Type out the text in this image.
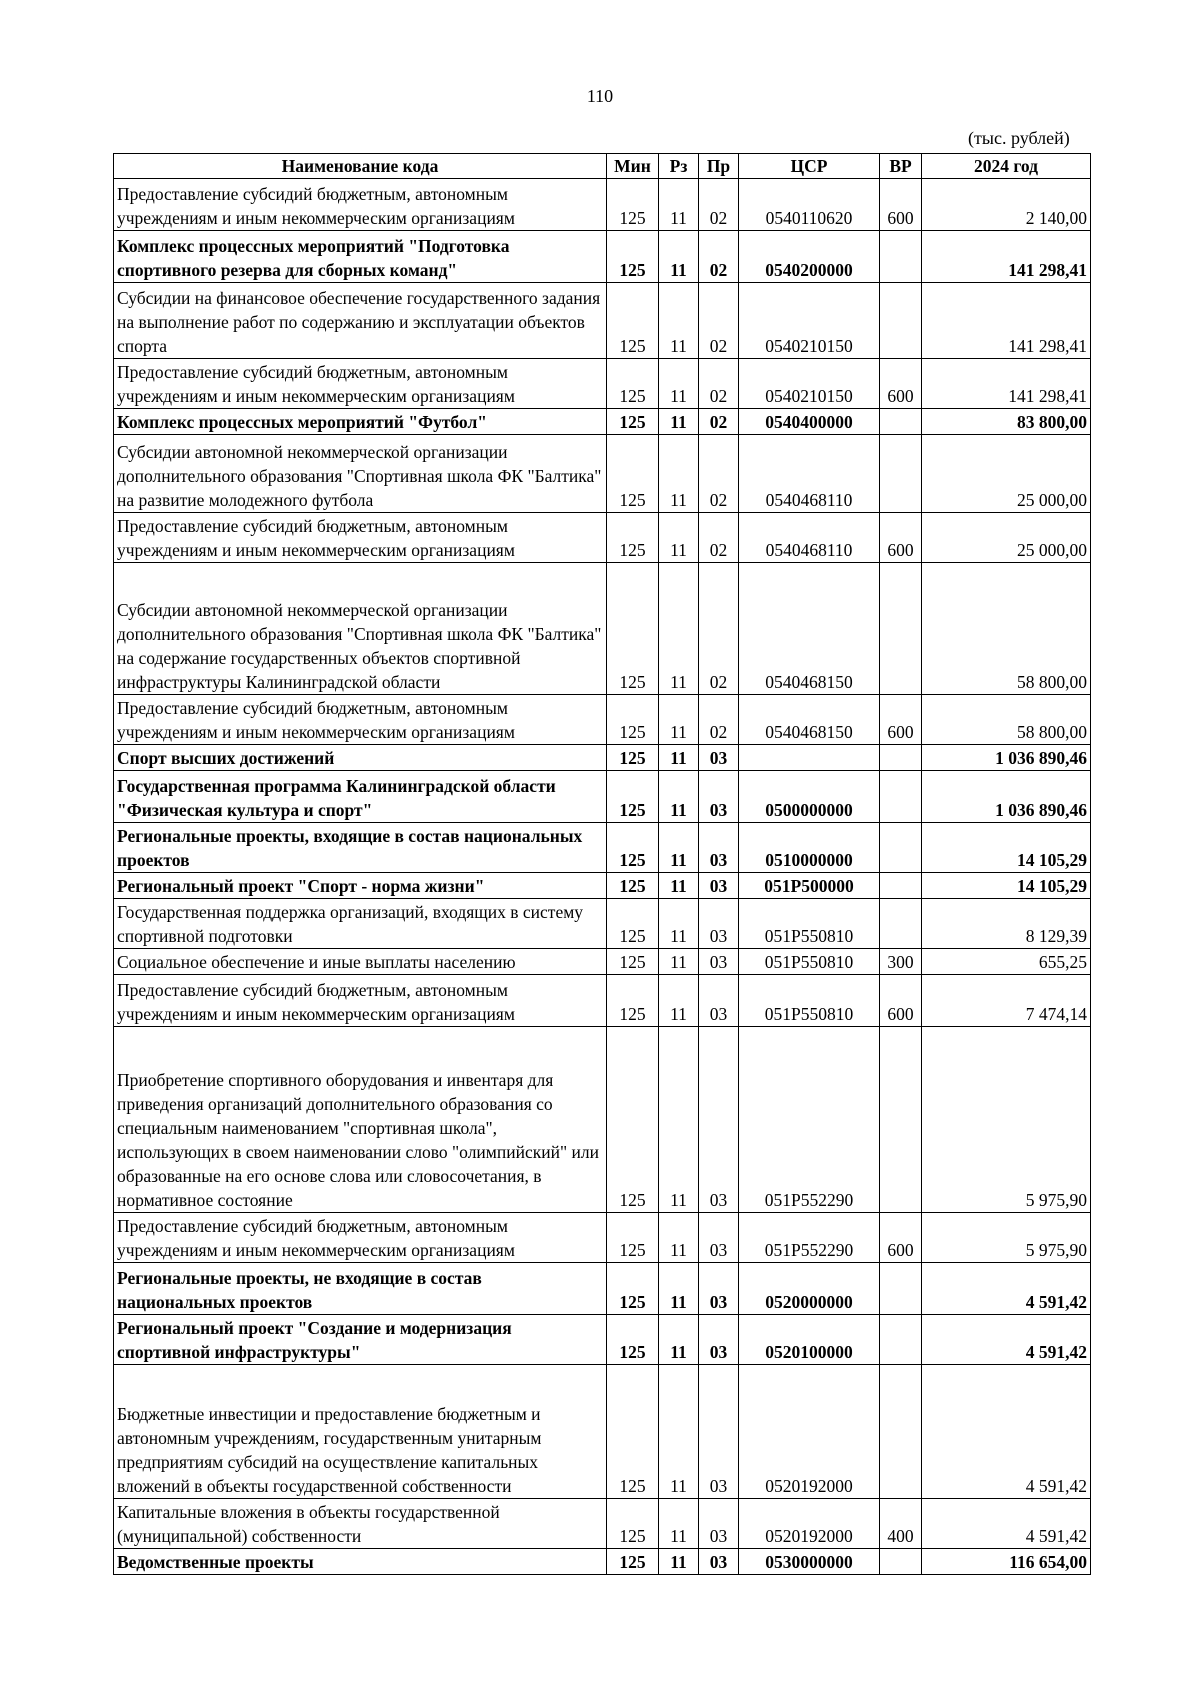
110
(тыс. рублей)
Наименование кода	Мин	Рз	Пр	ЦСР	ВР	2024 год
Предоставление субсидий бюджетным, автономным учреждениям и иным некоммерческим организациям	125	11	02	0540110620	600	2 140,00
Комплекс процессных мероприятий "Подготовка спортивного резерва для сборных команд"	125	11	02	0540200000		141 298,41
Субсидии на финансовое обеспечение государственного задания на выполнение работ по содержанию и эксплуатации объектов спорта	125	11	02	0540210150		141 298,41
Предоставление субсидий бюджетным, автономным учреждениям и иным некоммерческим организациям	125	11	02	0540210150	600	141 298,41
Комплекс процессных мероприятий "Футбол"	125	11	02	0540400000		83 800,00
Субсидии автономной некоммерческой организации дополнительного образования "Спортивная школа ФК "Балтика" на развитие молодежного футбола	125	11	02	0540468110		25 000,00
Предоставление субсидий бюджетным, автономным учреждениям и иным некоммерческим организациям	125	11	02	0540468110	600	25 000,00
Субсидии автономной некоммерческой организации дополнительного образования "Спортивная школа ФК "Балтика" на содержание государственных объектов спортивной инфраструктуры Калининградской области	125	11	02	0540468150		58 800,00
Предоставление субсидий бюджетным, автономным учреждениям и иным некоммерческим организациям	125	11	02	0540468150	600	58 800,00
Спорт высших достижений	125	11	03			1 036 890,46
Государственная программа Калининградской области "Физическая культура и спорт"	125	11	03	0500000000		1 036 890,46
Региональные проекты, входящие в состав национальных проектов	125	11	03	0510000000		14 105,29
Региональный проект "Спорт - норма жизни"	125	11	03	051P500000		14 105,29
Государственная поддержка организаций, входящих в систему спортивной подготовки	125	11	03	051P550810		8 129,39
Социальное обеспечение и иные выплаты населению	125	11	03	051P550810	300	655,25
Предоставление субсидий бюджетным, автономным учреждениям и иным некоммерческим организациям	125	11	03	051P550810	600	7 474,14
Приобретение спортивного оборудования и инвентаря для приведения организаций дополнительного образования со специальным наименованием "спортивная школа", использующих в своем наименовании слово "олимпийский" или образованные на его основе слова или словосочетания, в нормативное состояние	125	11	03	051P552290		5 975,90
Предоставление субсидий бюджетным, автономным учреждениям и иным некоммерческим организациям	125	11	03	051P552290	600	5 975,90
Региональные проекты, не входящие в состав национальных проектов	125	11	03	0520000000		4 591,42
Региональный проект "Создание и модернизация спортивной инфраструктуры"	125	11	03	0520100000		4 591,42
Бюджетные инвестиции и предоставление бюджетным и автономным учреждениям, государственным унитарным предприятиям субсидий на осуществление капитальных вложений в объекты государственной собственности	125	11	03	0520192000		4 591,42
Капитальные вложения в объекты государственной (муниципальной) собственности	125	11	03	0520192000	400	4 591,42
Ведомственные проекты	125	11	03	0530000000		116 654,00
